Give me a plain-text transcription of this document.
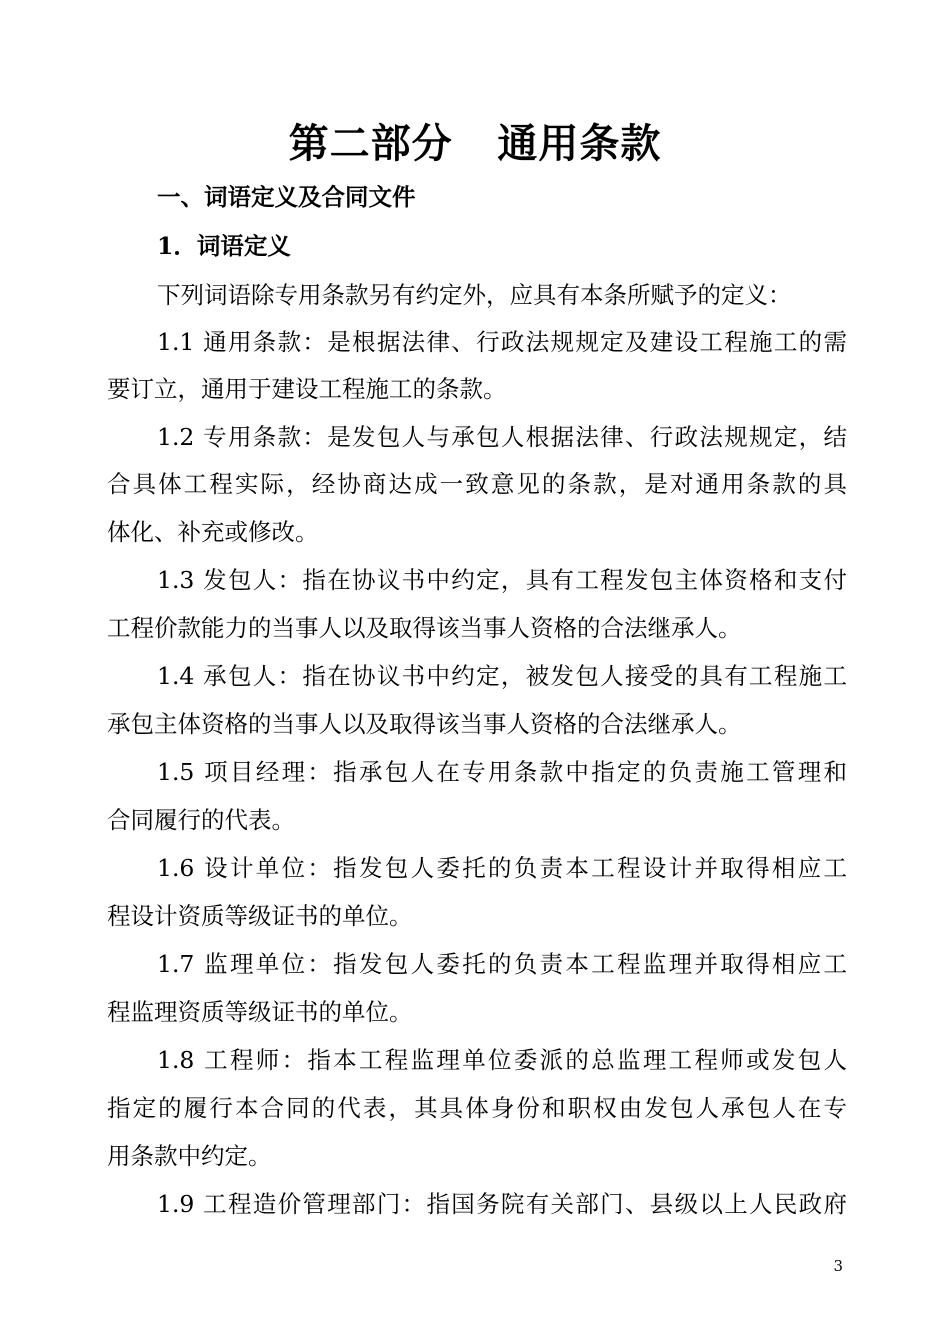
第二部分   通用条款
一、词语定义及合同文件
1．词语定义
下列词语除专用条款另有约定外，应具有本条所赋予的定义：
1.1 通用条款：是根据法律、行政法规规定及建设工程施工的需
要订立，通用于建设工程施工的条款。
1.2 专用条款：是发包人与承包人根据法律、行政法规规定，结
合具体工程实际，经协商达成一致意见的条款，是对通用条款的具
体化、补充或修改。
1.3 发包人：指在协议书中约定，具有工程发包主体资格和支付
工程价款能力的当事人以及取得该当事人资格的合法继承人。
1.4 承包人：指在协议书中约定，被发包人接受的具有工程施工
承包主体资格的当事人以及取得该当事人资格的合法继承人。
1.5 项目经理：指承包人在专用条款中指定的负责施工管理和
合同履行的代表。
1.6 设计单位：指发包人委托的负责本工程设计并取得相应工
程设计资质等级证书的单位。
1.7 监理单位：指发包人委托的负责本工程监理并取得相应工
程监理资质等级证书的单位。
1.8 工程师：指本工程监理单位委派的总监理工程师或发包人
指定的履行本合同的代表，其具体身份和职权由发包人承包人在专
用条款中约定。
1.9 工程造价管理部门：指国务院有关部门、县级以上人民政府
3
